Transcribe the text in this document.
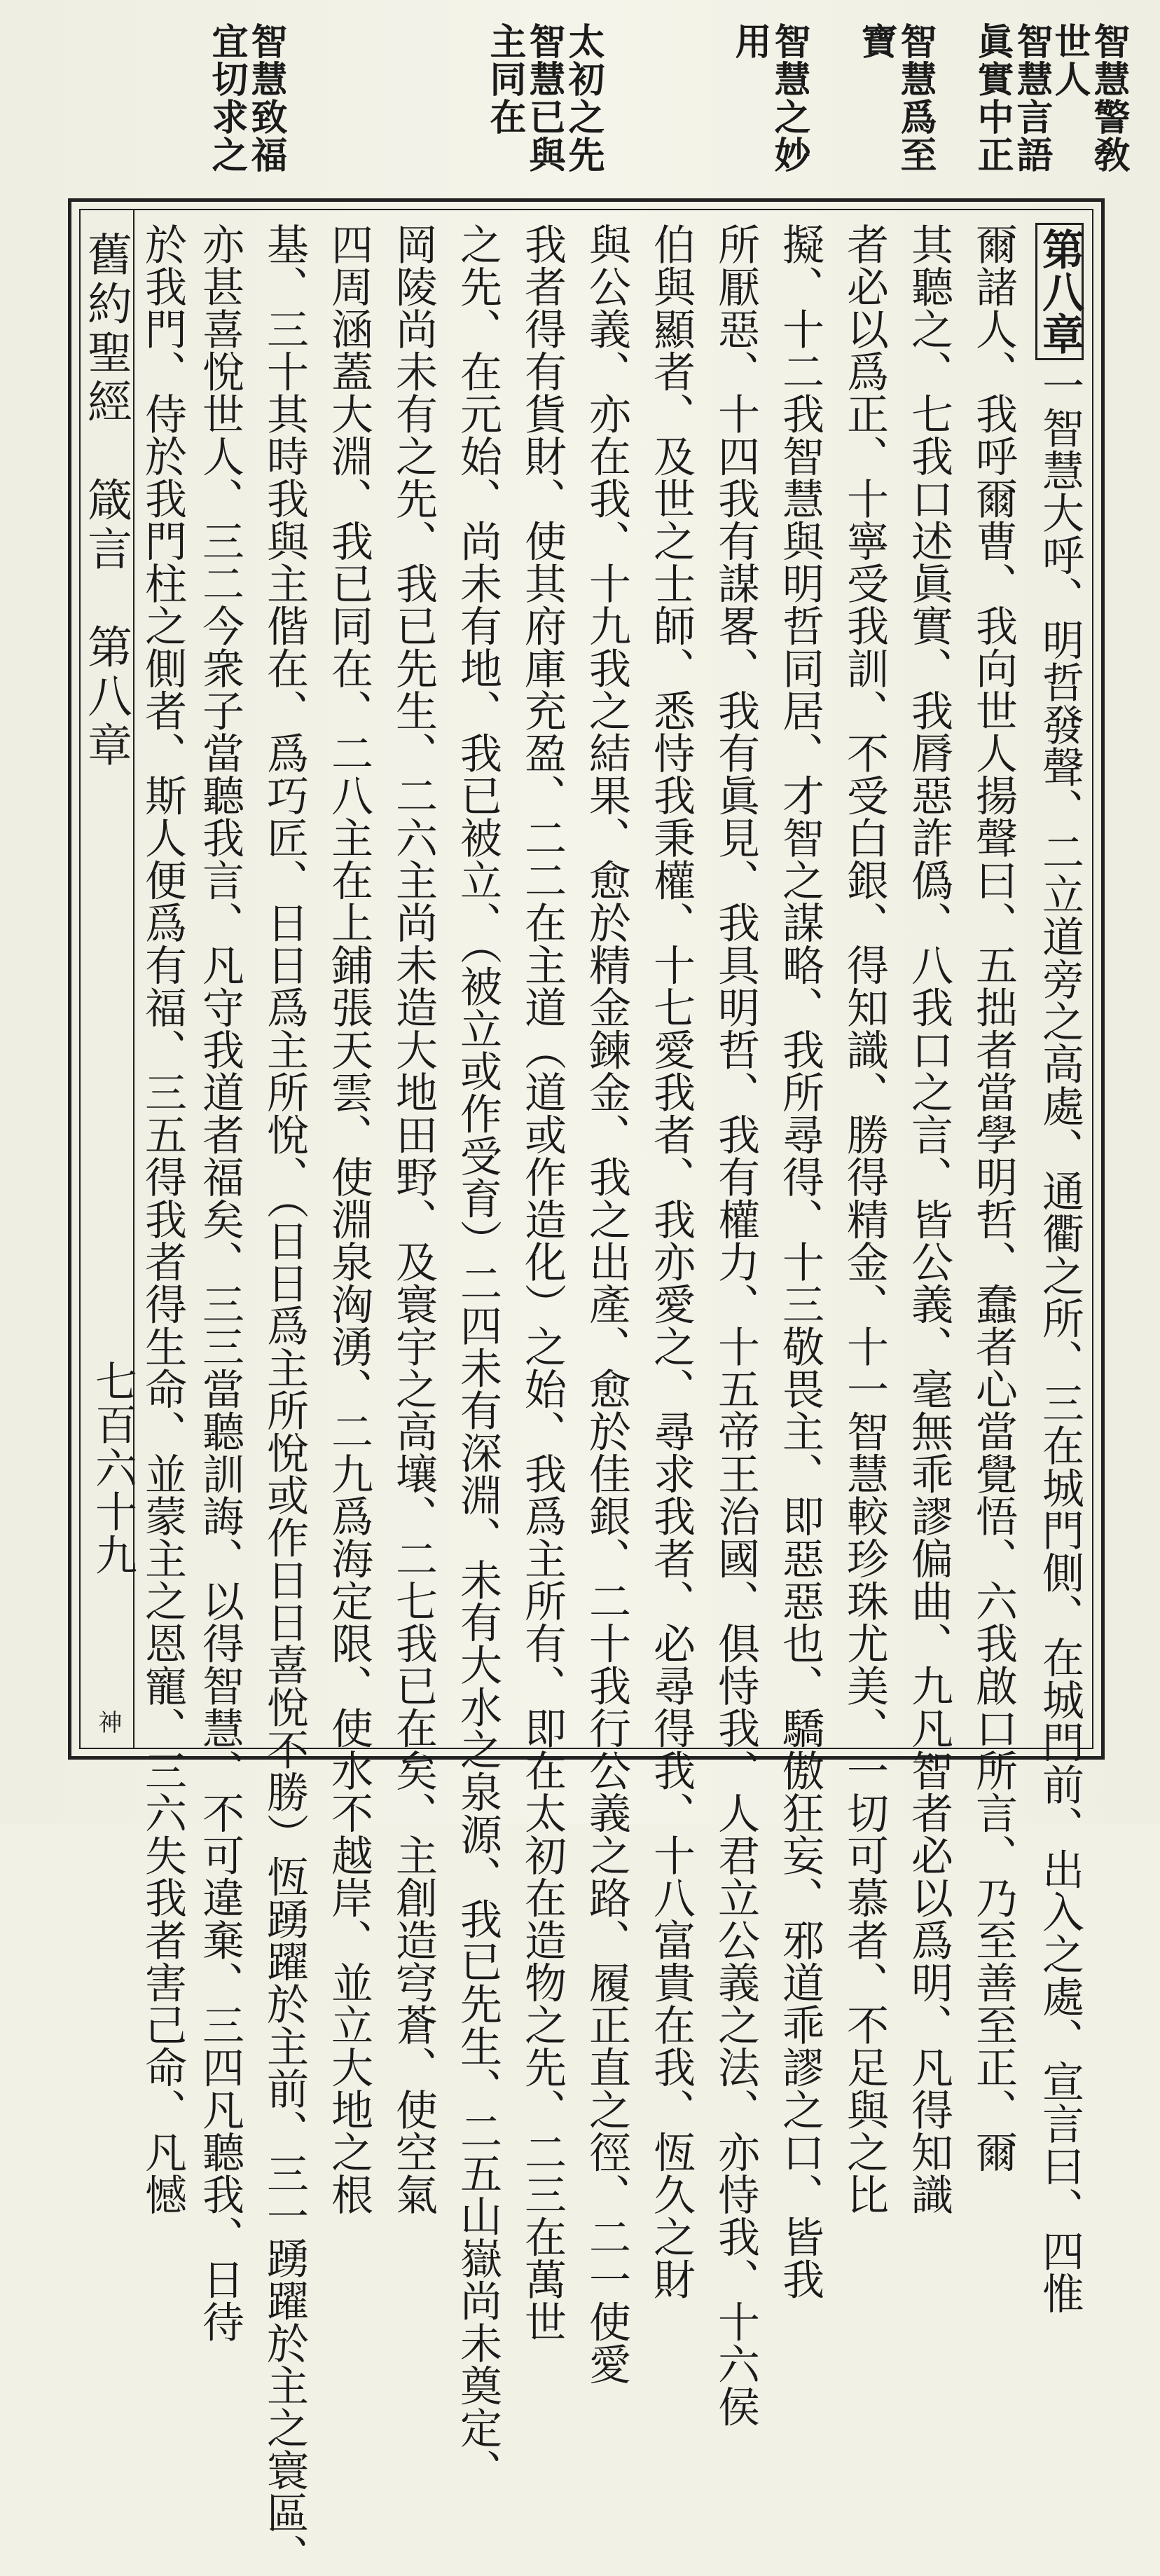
智慧警敎世人
智慧言語眞實中正
智慧爲至寶
智慧之妙用
太初之先智慧已與主同在
智慧致福宜切求之
第八章一智慧大呼、明哲發聲、二立道旁之高處、通衢之所、三在城門側、在城門前、出入之處、宣言曰、四惟
爾諸人、我呼爾曹、我向世人揚聲曰、五拙者當學明哲、蠢者心當覺悟、六我啟口所言、乃至善至正、爾
其聽之、七我口述眞實、我脣惡詐僞、八我口之言、皆公義、毫無乖謬偏曲、九凡智者必以爲明、凡得知識
者必以爲正、十寧受我訓、不受白銀、得知識、勝得精金、十一智慧較珍珠尤美、一切可慕者、不足與之比
擬、十二我智慧與明哲同居、才智之謀略、我所尋得、十三敬畏主、即惡惡也、驕傲狂妄、邪道乖謬之口、皆我
所厭惡、十四我有謀畧、我有眞見、我具明哲、我有權力、十五帝王治國、俱恃我、人君立公義之法、亦恃我、十六侯
伯與顯者、及世之士師、悉恃我秉權、十七愛我者、我亦愛之、尋求我者、必尋得我、十八富貴在我、恆久之財
與公義、亦在我、十九我之結果、愈於精金鍊金、我之出產、愈於佳銀、二十我行公義之路、履正直之徑、二一使愛
我者得有貨財、使其府庫充盈、二二在主道（道或作造化）之始、我爲主所有、即在太初在造物之先、二三在萬世
之先、在元始、尚未有地、我已被立、（被立或作受育）二四未有深淵、未有大水之泉源、我已先生、二五山嶽尚未奠定、
岡陵尚未有之先、我已先生、二六主尚未造大地田野、及寰宇之高壤、二七我已在矣、主創造穹蒼、使空氣
四周涵蓋大淵、我已同在、二八主在上鋪張天雲、使淵泉洶湧、二九爲海定限、使水不越岸、並立大地之根
基、三十其時我與主偕在、爲巧匠、日日爲主所悅、（日日爲主所悅或作日日喜悅不勝）恆踴躍於主前、三一踴躍於主之寰區、
亦甚喜悅世人、三二今衆子當聽我言、凡守我道者福矣、三三當聽訓誨、以得智慧、不可違棄、三四凡聽我、日待
於我門、侍於我門柱之側者、斯人便爲有福、三五得我者得生命、並蒙主之恩寵、三六失我者害己命、凡憾
舊約聖經　箴言　第八章
七百六十九
神
